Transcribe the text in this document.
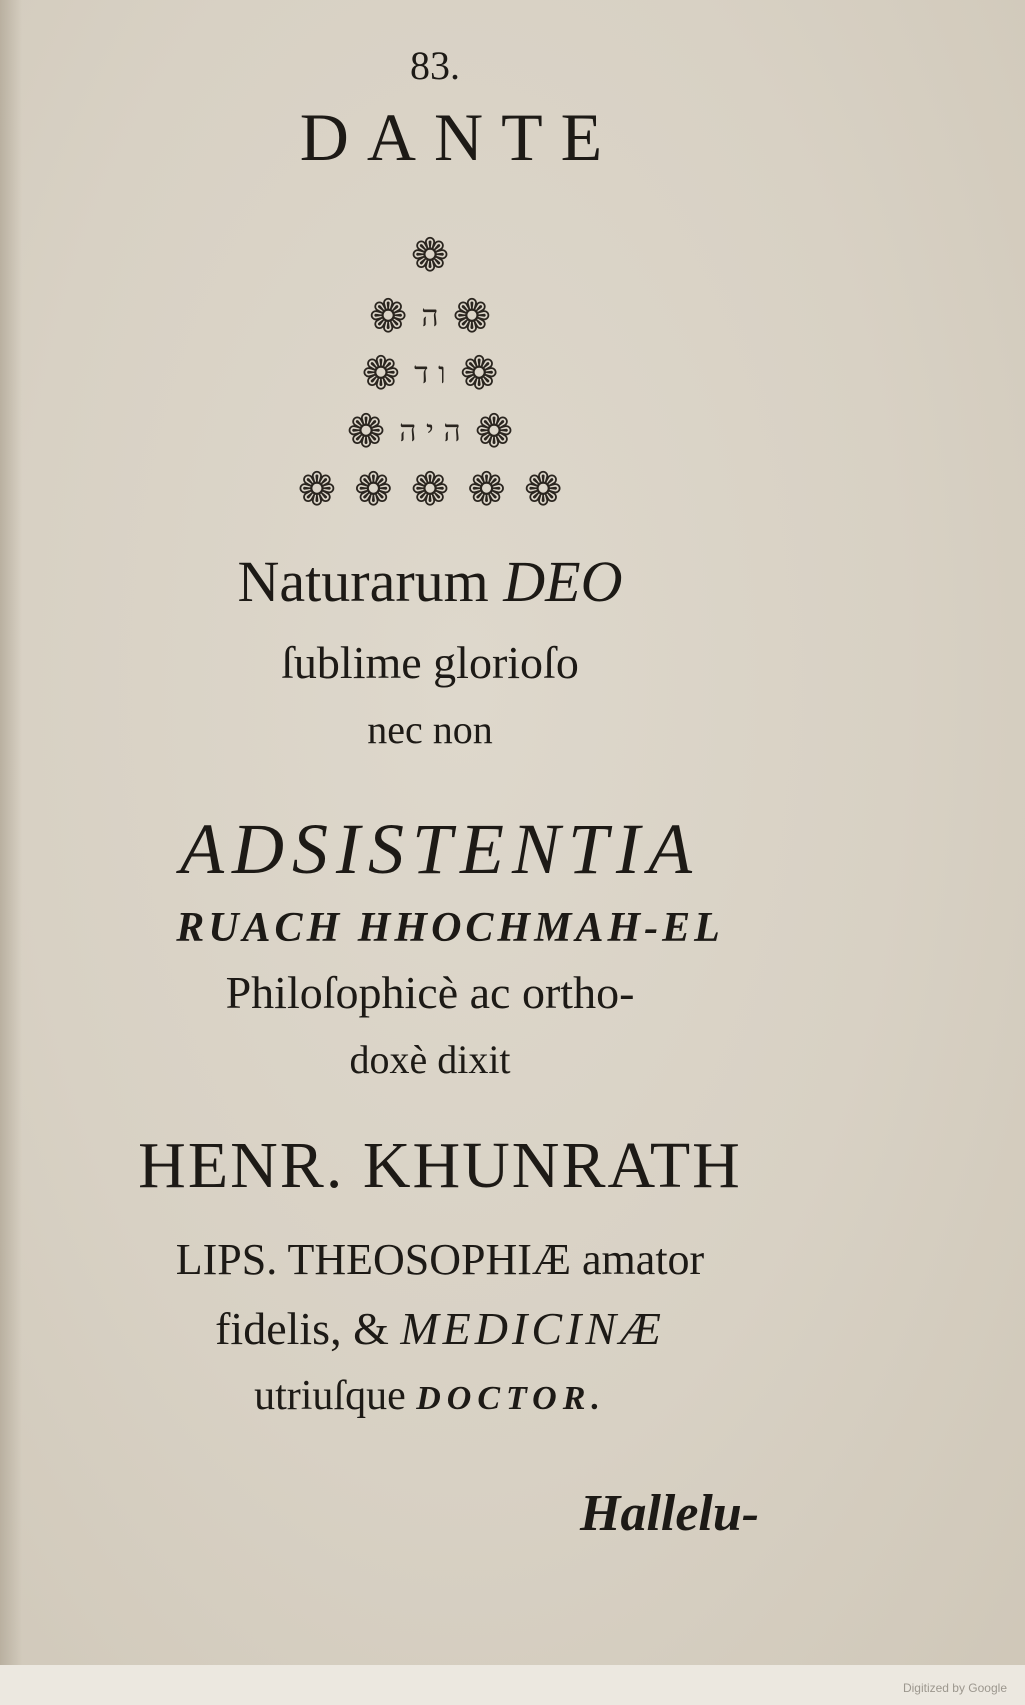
83.
DANTE
❁
❁ ה ❁
❁ ו ד ❁
❁ ה י ה ❁
❁ ❁ ❁ ❁ ❁
Naturarum DEO
ſublime glorioſo
nec non
ADSISTENTIA
RUACH HHOCHMAH-EL
Philoſophicè ac ortho-
doxè dixit
HENR. KHUNRATH
LIPS. THEOSOPHIÆ amator
fidelis, & MEDICINÆ
utriuſque DOCTOR.
Hallelu-
Digitized by Google
